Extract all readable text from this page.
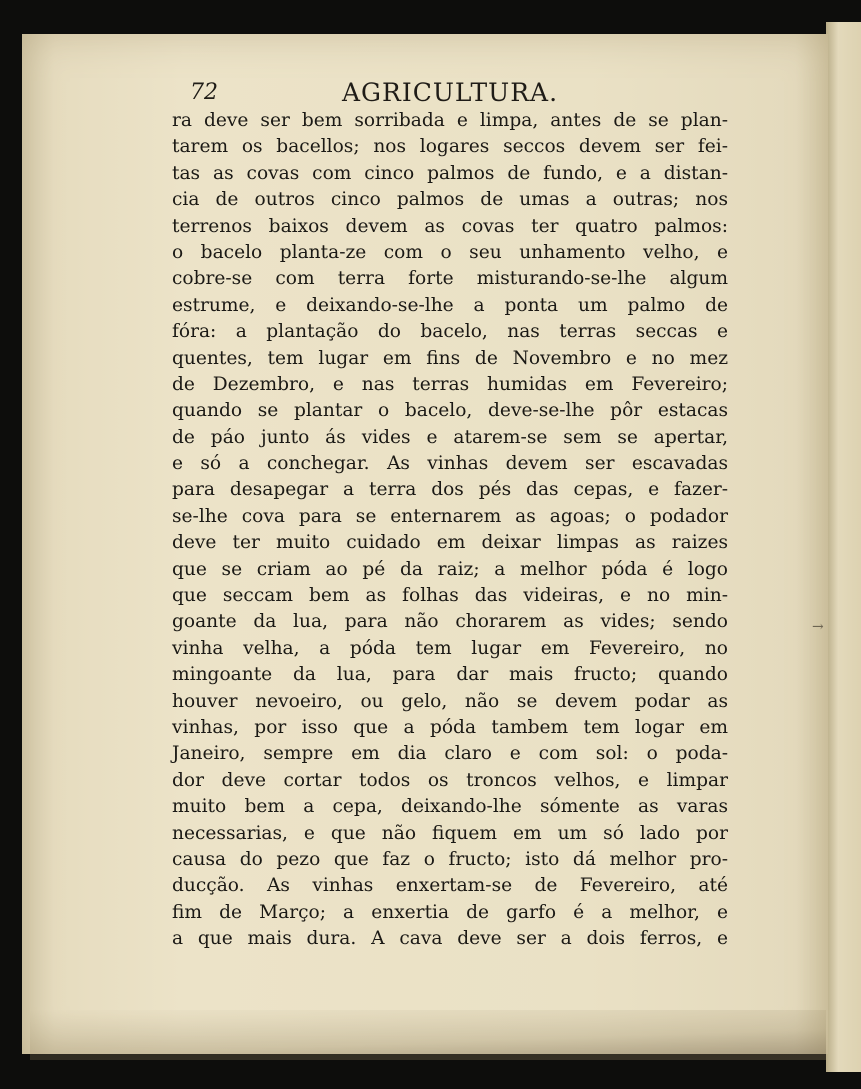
→
72	AGRICULTURA.
ra deve ser bem sorribada e limpa, antes de se plan-
tarem os bacellos; nos logares seccos devem ser fei-
tas as covas com cinco palmos de fundo, e a distan-
cia de outros cinco palmos de umas a outras; nos
terrenos baixos devem as covas ter quatro palmos:
o bacelo planta-ze com o seu unhamento velho, e
cobre-se com terra forte misturando-se-lhe algum
estrume, e deixando-se-lhe a ponta um palmo de
fóra: a plantação do bacelo, nas terras seccas e
quentes, tem lugar em fins de Novembro e no mez
de Dezembro, e nas terras humidas em Fevereiro;
quando se plantar o bacelo, deve-se-lhe pôr estacas
de páo junto ás vides e atarem-se sem se apertar,
e só a conchegar. As vinhas devem ser escavadas
para desapegar a terra dos pés das cepas, e fazer-
se-lhe cova para se enternarem as agoas; o podador
deve ter muito cuidado em deixar limpas as raizes
que se criam ao pé da raiz; a melhor póda é logo
que seccam bem as folhas das videiras, e no min-
goante da lua, para não chorarem as vides; sendo
vinha velha, a póda tem lugar em Fevereiro, no
mingoante da lua, para dar mais fructo; quando
houver nevoeiro, ou gelo, não se devem podar as
vinhas, por isso que a póda tambem tem logar em
Janeiro, sempre em dia claro e com sol: o poda-
dor deve cortar todos os troncos velhos, e limpar
muito bem a cepa, deixando-lhe sómente as varas
necessarias, e que não fiquem em um só lado por
causa do pezo que faz o fructo; isto dá melhor pro-
ducção. As vinhas enxertam-se de Fevereiro, até
fim de Março; a enxertia de garfo é a melhor, e
a que mais dura. A cava deve ser a dois ferros, e
